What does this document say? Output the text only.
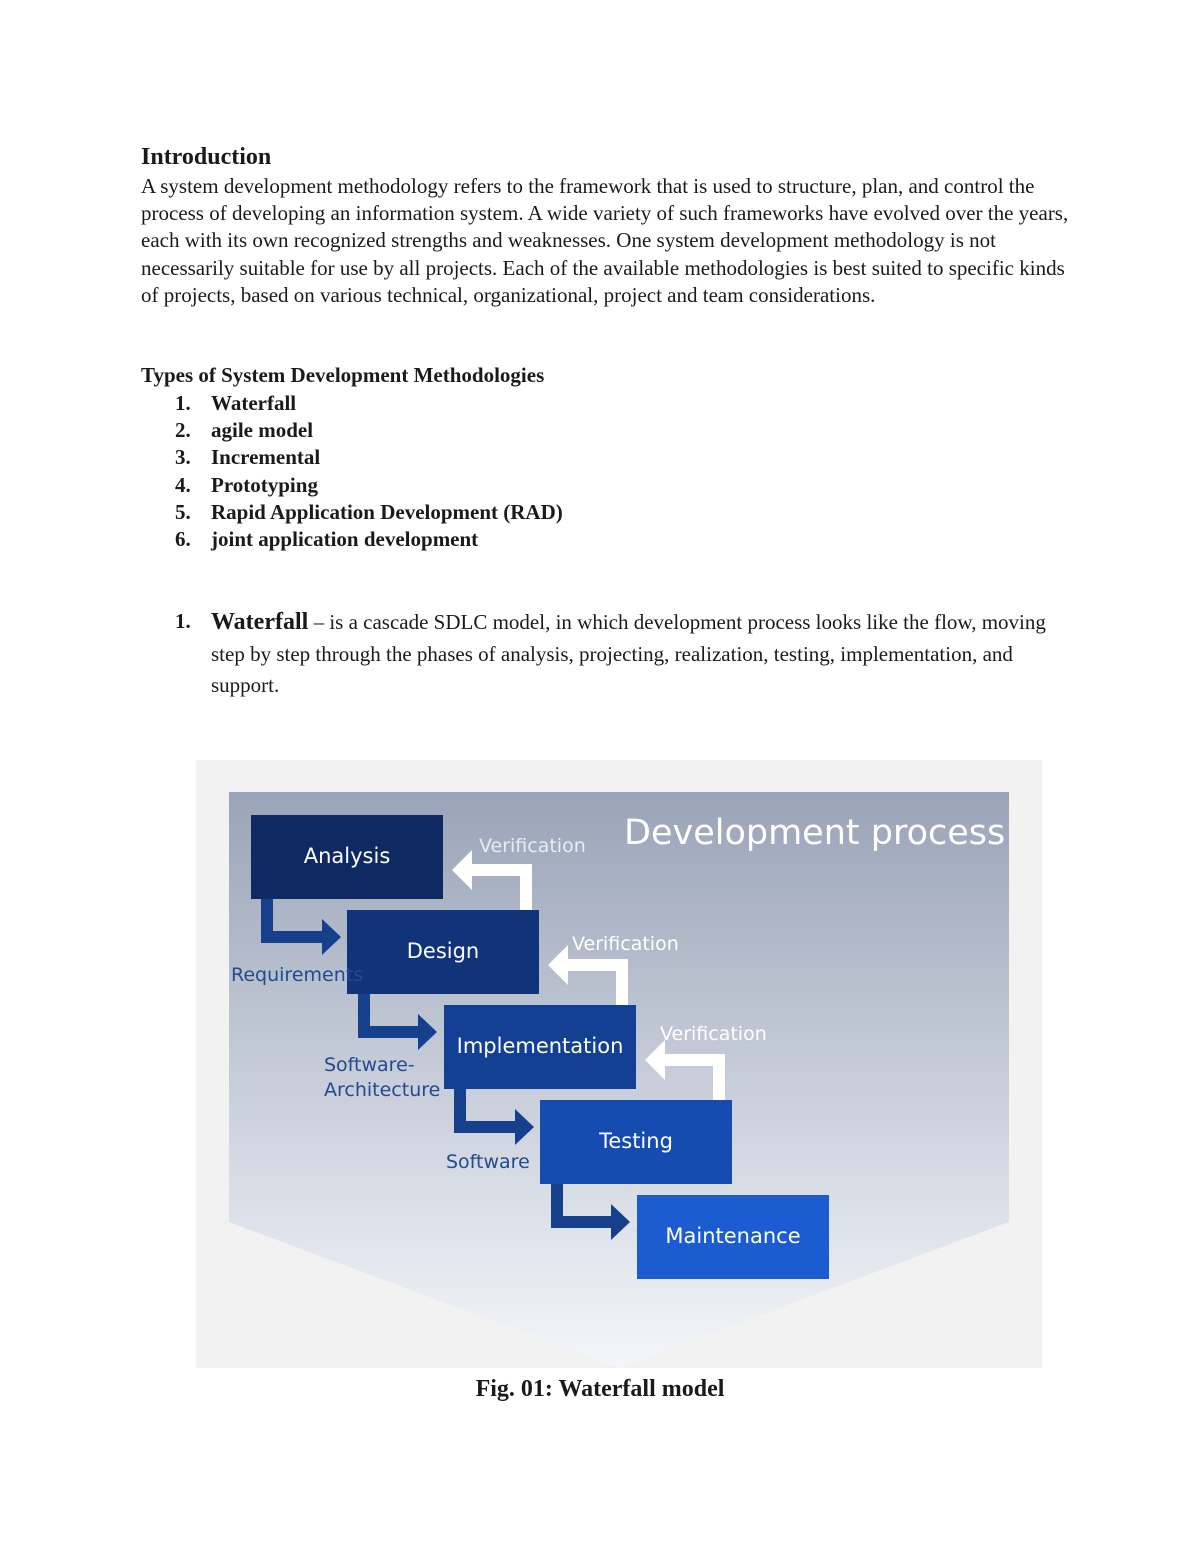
Introduction

A system development methodology refers to the framework that is used to structure, plan, and control the process of developing an information system. A wide variety of such frameworks have evolved over the years, each with its own recognized strengths and weaknesses. One system development methodology is not necessarily suitable for use by all projects. Each of the available methodologies is best suited to specific kinds of projects, based on various technical, organizational, project and team considerations.

Types of System Development Methodologies
1. Waterfall
2. agile model
3. Incremental
4. Prototyping
5. Rapid Application Development (RAD)
6. joint application development
1. Waterfall – is a cascade SDLC model, in which development process looks like the flow, moving step by step through the phases of analysis, projecting, realization, testing, implementation, and support.

Development process
Analysis
Design
Implementation
Testing
Maintenance
Verification
Verification
Verification
Requirements
Software-
Architecture
Software

Fig. 01: Waterfall model
